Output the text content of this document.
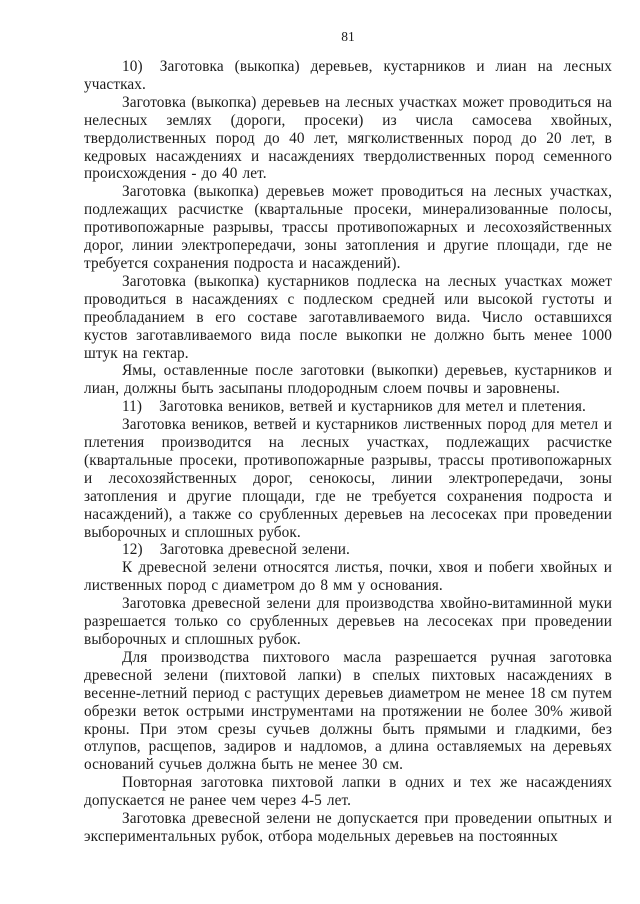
81

10) Заготовка (выкопка) деревьев, кустарников и лиан на лесных участках.

Заготовка (выкопка) деревьев на лесных участках может проводиться на нелесных землях (дороги, просеки) из числа самосева хвойных, твердолиственных пород до 40 лет, мягколиственных пород до 20 лет, в кедровых насаждениях и насаждениях твердолиственных пород семенного происхождения - до 40 лет.

Заготовка (выкопка) деревьев может проводиться на лесных участках, подлежащих расчистке (квартальные просеки, минерализованные полосы, противопожарные разрывы, трассы противопожарных и лесохозяйственных дорог, линии электропередачи, зоны затопления и другие площади, где не требуется сохранения подроста и насаждений).

Заготовка (выкопка) кустарников подлеска на лесных участках может проводиться в насаждениях с подлеском средней или высокой густоты и преобладанием в его составе заготавливаемого вида. Число оставшихся кустов заготавливаемого вида после выкопки не должно быть менее 1000 штук на гектар.

Ямы, оставленные после заготовки (выкопки) деревьев, кустарников и лиан, должны быть засыпаны плодородным слоем почвы и заровнены.

11) Заготовка веников, ветвей и кустарников для метел и плетения.

Заготовка веников, ветвей и кустарников лиственных пород для метел и плетения производится на лесных участках, подлежащих расчистке (квартальные просеки, противопожарные разрывы, трассы противопожарных и лесохозяйственных дорог, сенокосы, линии электропередачи, зоны затопления и другие площади, где не требуется сохранения подроста и насаждений), а также со срубленных деревьев на лесосеках при проведении выборочных и сплошных рубок.

12) Заготовка древесной зелени.

К древесной зелени относятся листья, почки, хвоя и побеги хвойных и лиственных пород с диаметром до 8 мм у основания.

Заготовка древесной зелени для производства хвойно-витаминной муки разрешается только со срубленных деревьев на лесосеках при проведении выборочных и сплошных рубок.

Для производства пихтового масла разрешается ручная заготовка древесной зелени (пихтовой лапки) в спелых пихтовых насаждениях в весенне-летний период с растущих деревьев диаметром не менее 18 см путем обрезки веток острыми инструментами на протяжении не более 30% живой кроны. При этом срезы сучьев должны быть прямыми и гладкими, без отлупов, расщепов, задиров и надломов, а длина оставляемых на деревьях оснований сучьев должна быть не менее 30 см.

Повторная заготовка пихтовой лапки в одних и тех же насаждениях допускается не ранее чем через 4-5 лет.

Заготовка древесной зелени не допускается при проведении опытных и экспериментальных рубок, отбора модельных деревьев на постоянных
